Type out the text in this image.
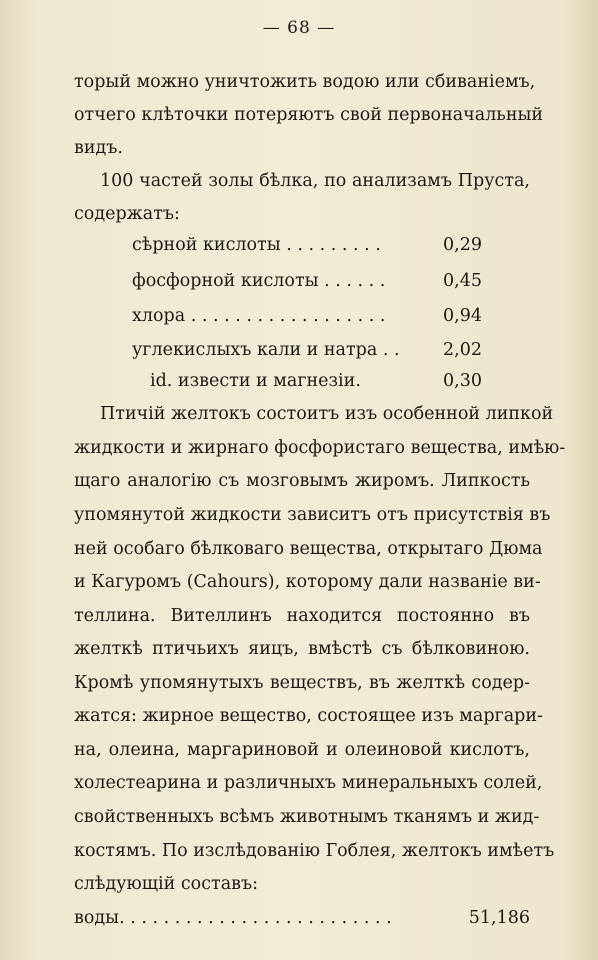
— 68 —
торый можно уничтожить водою или сбиваніемъ,
отчего клѣточки потеряютъ свой первоначальный
видъ.
100 частей золы бѣлка, по анализамъ Пруста,
содержатъ:
сѣрной кислоты . . . . . . . . .	0,29
фосфорной кислоты . . . . . .	0,45
хлора . . . . . . . . . . . . . . . . . .	0,94
углекислыхъ кали и натра . . 2,02
id. извести и магнезіи.	0,30
Птичій желтокъ состоитъ изъ особенной липкой
жидкости и жирнаго фосфористаго вещества, имѣю-
щаго аналогію съ мозговымъ жиромъ. Липкость
упомянутой жидкости зависитъ отъ присутствія въ
ней особаго бѣлковаго вещества, открытаго Дюма
и Кагуромъ (Cahours), которому дали названіе ви-
теллина. Вителлинъ находится постоянно въ
желткѣ птичьихъ яицъ, вмѣстѣ съ бѣлковиною.
Кромѣ упомянутыхъ веществъ, въ желткѣ содер-
жатся: жирное вещество, состоящее изъ маргари-
на, олеина, маргариновой и олеиновой кислотъ,
холестеарина и различныхъ минеральныхъ солей,
свойственныхъ всѣмъ животнымъ тканямъ и жид-
костямъ. По изслѣдованію Гоблея, желтокъ имѣетъ
слѣдующій составъ:
воды. . . . . . . . . . . . . . . . . . . . . . . . .	51,186
